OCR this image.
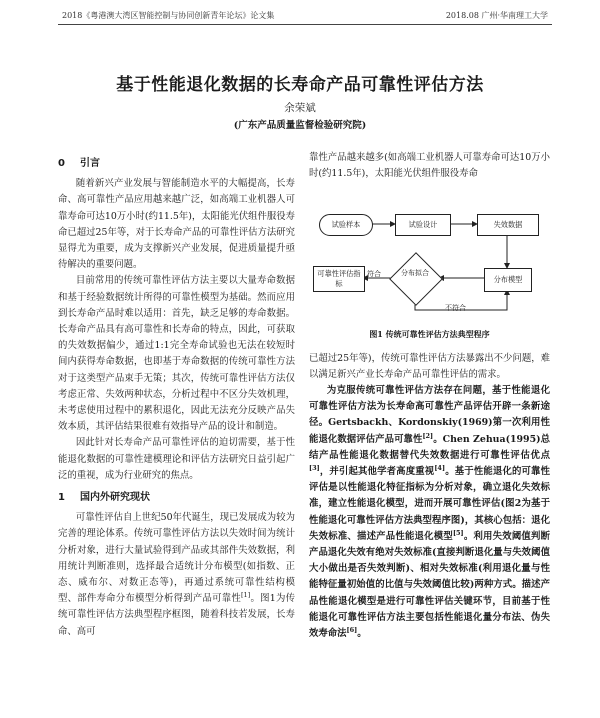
2018《粤港澳大湾区智能控制与协同创新青年论坛》论文集	2018.08 广州·华南理工大学
基于性能退化数据的长寿命产品可靠性评估方法
余荣斌
(广东产品质量监督检验研究院)
0 引言

随着新兴产业发展与智能制造水平的大幅提高，长寿命、高可靠性产品应用越来越广泛，如高端工业机器人可靠寿命可达10万小时(约11.5年)，太阳能光伏组件服役寿命已超过25年等，对于长寿命产品的可靠性评估方法研究显得尤为重要，成为支撑新兴产业发展，促进质量提升亟待解决的重要问题。

目前常用的传统可靠性评估方法主要以大量寿命数据和基于经验数据统计所得的可靠性模型为基础。然而应用到长寿命产品时难以适用：首先，缺乏足够的寿命数据。长寿命产品具有高可靠性和长寿命的特点，因此，可获取的失效数据偏少，通过1:1完全寿命试验也无法在较短时间内获得寿命数据，也即基于寿命数据的传统可靠性方法对于这类型产品束手无策；其次，传统可靠性评估方法仅考虑正常、失效两种状态，分析过程中不区分失效机理，未考虑使用过程中的累积退化，因此无法充分反映产品失效本质，其评估结果很难有效指导产品的设计和制造。

因此针对长寿命产品可靠性评估的迫切需要，基于性能退化数据的可靠性建模理论和评估方法研究日益引起广泛的重视，成为行业研究的焦点。

1 国内外研究现状

可靠性评估自上世纪50年代诞生，现已发展成为较为完善的理论体系。传统可靠性评估方法以失效时间为统计分析对象，进行大量试验得到产品或其部件失效数据，利用统计判断准则，选择最合适统计分布模型(如指数、正态、威布尔、对数正态等)，再通过系统可靠性结构模型、部件寿命分布模型分析得到产品可靠性[1]。图1为传统可靠性评估方法典型程序框图，随着科技若发展，长寿命、高可

靠性产品越来越多(如高端工业机器人可靠寿命可达10万小时(约11.5年)，太阳能光伏组件服役寿命

试验样本	试验设计	失效数据
分布模型
分布拟合
可靠性评估指标
符合
不符合
图1 传统可靠性评估方法典型程序

已超过25年等)，传统可靠性评估方法暴露出不少问题，难以满足新兴产业长寿命产品可靠性评估的需求。

为克服传统可靠性评估方法存在问题，基于性能退化可靠性评估方法为长寿命高可靠性产品评估开辟一条新途径。Gertsbackh、Kordonskiy(1969)第一次利用性能退化数据评估产品可靠性[2]。Chen Zehua(1995)总结产品性能退化数据替代失效数据进行可靠性评估优点[3]，并引起其他学者高度重视[4]。基于性能退化的可靠性评估是以性能退化特征指标为分析对象，确立退化失效标准，建立性能退化模型，进而开展可靠性评估(图2为基于性能退化可靠性评估方法典型程序图)，其核心包括：退化失效标准、描述产品性能退化模型[5]。利用失效阈值判断产品退化失效有绝对失效标准(直接判断退化量与失效阈值大小做出是否失效判断)、相对失效标准(利用退化量与性能特征量初始值的比值与失效阈值比较)两种方式。描述产品性能退化模型是进行可靠性评估关键环节，目前基于性能退化可靠性评估方法主要包括性能退化量分布法、伪失效寿命法[6]。
